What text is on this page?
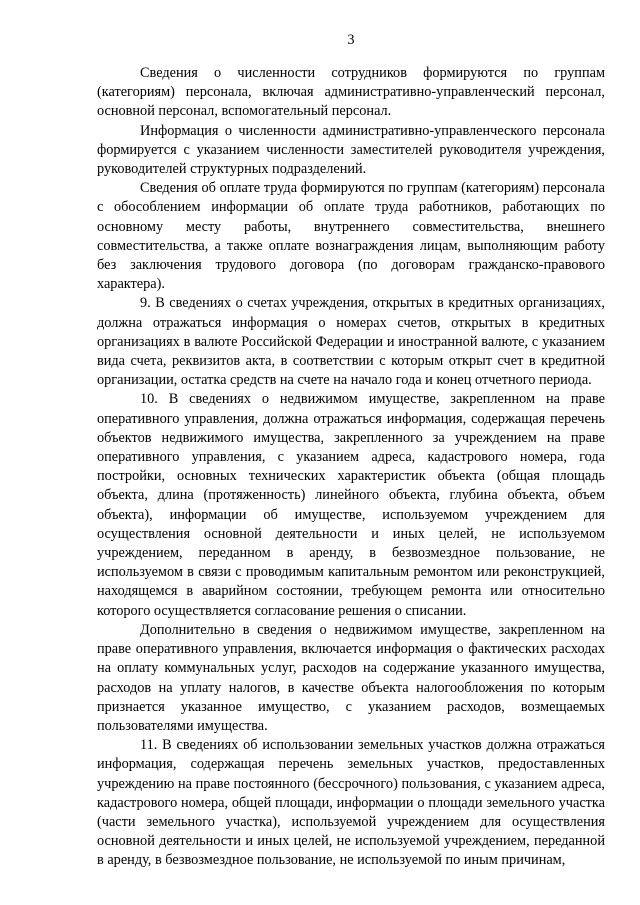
3

Сведения о численности сотрудников формируются по группам (категориям) персонала, включая административно-управленческий персонал, основной персонал, вспомогательный персонал.

Информация о численности административно-управленческого персонала формируется с указанием численности заместителей руководителя учреждения, руководителей структурных подразделений.

Сведения об оплате труда формируются по группам (категориям) персонала с обособлением информации об оплате труда работников, работающих по основному месту работы, внутреннего совместительства, внешнего совместительства, а также оплате вознаграждения лицам, выполняющим работу без заключения трудового договора (по договорам гражданско-правового характера).

9. В сведениях о счетах учреждения, открытых в кредитных организациях, должна отражаться информация о номерах счетов, открытых в кредитных организациях в валюте Российской Федерации и иностранной валюте, с указанием вида счета, реквизитов акта, в соответствии с которым открыт счет в кредитной организации, остатка средств на счете на начало года и конец отчетного периода.

10. В сведениях о недвижимом имуществе, закрепленном на праве оперативного управления, должна отражаться информация, содержащая перечень объектов недвижимого имущества, закрепленного за учреждением на праве оперативного управления, с указанием адреса, кадастрового номера, года постройки, основных технических характеристик объекта (общая площадь объекта, длина (протяженность) линейного объекта, глубина объекта, объем объекта), информации об имуществе, используемом учреждением для осуществления основной деятельности и иных целей, не используемом учреждением, переданном в аренду, в безвозмездное пользование, не используемом в связи с проводимым капитальным ремонтом или реконструкцией, находящемся в аварийном состоянии, требующем ремонта или относительно которого осуществляется согласование решения о списании.

Дополнительно в сведения о недвижимом имуществе, закрепленном на праве оперативного управления, включается информация о фактических расходах на оплату коммунальных услуг, расходов на содержание указанного имущества, расходов на уплату налогов, в качестве объекта налогообложения по которым признается указанное имущество, с указанием расходов, возмещаемых пользователями имущества.

11. В сведениях об использовании земельных участков должна отражаться информация, содержащая перечень земельных участков, предоставленных учреждению на праве постоянного (бессрочного) пользования, с указанием адреса, кадастрового номера, общей площади, информации о площади земельного участка (части земельного участка), используемой учреждением для осуществления основной деятельности и иных целей, не используемой учреждением, переданной в аренду, в безвозмездное пользование, не используемой по иным причинам,
